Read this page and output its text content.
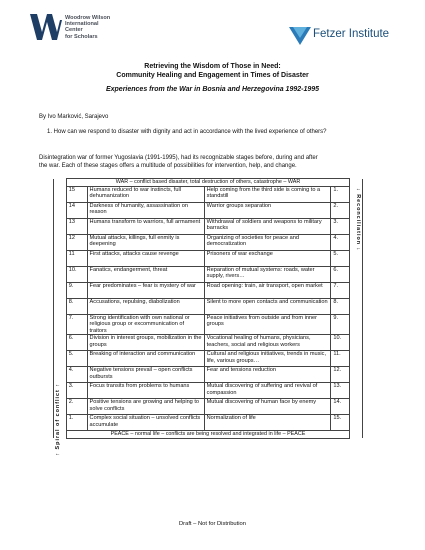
Woodrow Wilson
International
Center
for Scholars	Fetzer Institute
Retrieving the Wisdom of Those in Need:
Community Healing and Engagement in Times of Disaster
Experiences from the War in Bosnia and Herzegovina 1992-1995
By Ivo Marković, Sarajevo
1. How can we respond to disaster with dignity and act in accordance with the lived experience of others?
Disintegration war of former Yugoslavia (1991-1995), had its recognizable stages before, during and after
the war. Each of these stages offers a multitude of possibilities for intervention, help, and change.
	WAR – conflict based disaster, total destruction of others, catastrophe – WAR				
	15	Humans reduced to war instincts, full dehumanization	Help coming from the third side is coming to a standstill	1.	
	14	Darkness of humanity, assassination on reason	Warrior groups separation	2.	
	13	Humans transform to warriors, full armament	Withdrawal of soldiers and weapons to military barracks	3.	
	12	Mutual attacks, killings, full enmity is deepening	Organizing of societies for peace and democratization	4.	
	11	First attacks, attacks cause revenge	Prisoners of war exchange	5.	
	10.	Fanatics, endangerment, threat	Reparation of mutual systems: roads, water supply, rivers…	6.	
	9.	Fear predominates – fear is mystery of war	Road opening: train, air transport, open market	7.	
	8.	Accusations, repulsing, diabolization	Silent to more open contacts and communication	8.	
	7.	Strong identification with own national or religious group or excommunication of traitors	Peace initiatives from outside and from inner groups	9.	
	6.	Division in interest groups, mobilization in the groups	Vocational healing of humans, physicians, teachers, social and religious workers	10.	
	5.	Breaking of interaction and communication	Cultural and religious initiatives, trends in music, life, various groups…	11.	
	4.	Negative tensions prevail – open conflicts outbursts	Fear and tensions reduction	12.	
	3.	Focus transits from problems to humans	Mutual discovering of suffering and revival of compassion	13.	
	2.	Positive tensions are growing and helping to solve conflicts	Mutual discovering of human face by enemy	14.	
	1.	Complex social situation – unsolved conflicts accumulate	Normalization of life	15.	
	PEACE – normal life – conflicts are being resolved and integrated in life – PEACE				
↑ Spiral of conflict ↑
↓ Reconciliation ↓
Draft – Not for Distribution
